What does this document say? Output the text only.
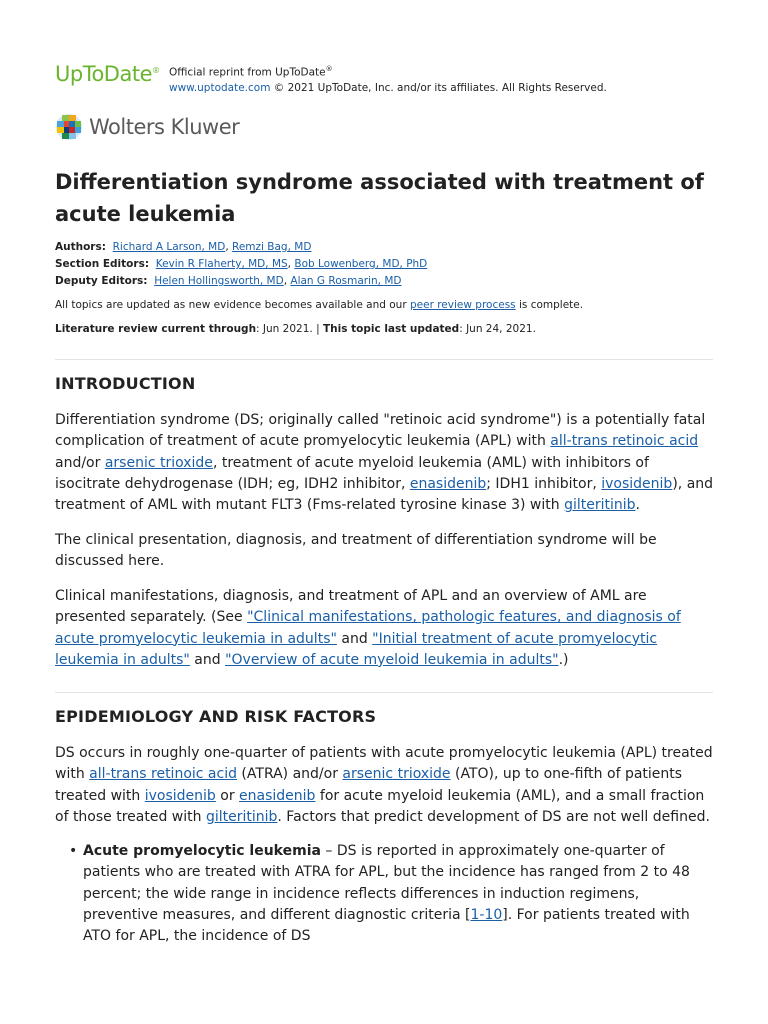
UpToDate® Official reprint from UpToDate®
www.uptodate.com © 2021 UpToDate, Inc. and/or its affiliates. All Rights Reserved.
Wolters Kluwer
Differentiation syndrome associated with treatment of acute leukemia
Authors: Richard A Larson, MD, Remzi Bag, MD
Section Editors: Kevin R Flaherty, MD, MS, Bob Lowenberg, MD, PhD
Deputy Editors: Helen Hollingsworth, MD, Alan G Rosmarin, MD
All topics are updated as new evidence becomes available and our peer review process is complete.
Literature review current through: Jun 2021. | This topic last updated: Jun 24, 2021.
INTRODUCTION

Differentiation syndrome (DS; originally called "retinoic acid syndrome") is a potentially fatal complication of treatment of acute promyelocytic leukemia (APL) with all-trans retinoic acid and/or arsenic trioxide, treatment of acute myeloid leukemia (AML) with inhibitors of isocitrate dehydrogenase (IDH; eg, IDH2 inhibitor, enasidenib; IDH1 inhibitor, ivosidenib), and treatment of AML with mutant FLT3 (Fms-related tyrosine kinase 3) with gilteritinib.

The clinical presentation, diagnosis, and treatment of differentiation syndrome will be discussed here.

Clinical manifestations, diagnosis, and treatment of APL and an overview of AML are presented separately. (See "Clinical manifestations, pathologic features, and diagnosis of acute promyelocytic leukemia in adults" and "Initial treatment of acute promyelocytic leukemia in adults" and "Overview of acute myeloid leukemia in adults".)

EPIDEMIOLOGY AND RISK FACTORS

DS occurs in roughly one-quarter of patients with acute promyelocytic leukemia (APL) treated with all-trans retinoic acid (ATRA) and/or arsenic trioxide (ATO), up to one-fifth of patients treated with ivosidenib or enasidenib for acute myeloid leukemia (AML), and a small fraction of those treated with gilteritinib. Factors that predict development of DS are not well defined.

• Acute promyelocytic leukemia – DS is reported in approximately one-quarter of patients who are treated with ATRA for APL, but the incidence has ranged from 2 to 48 percent; the wide range in incidence reflects differences in induction regimens, preventive measures, and different diagnostic criteria [1-10]. For patients treated with ATO for APL, the incidence of DS
